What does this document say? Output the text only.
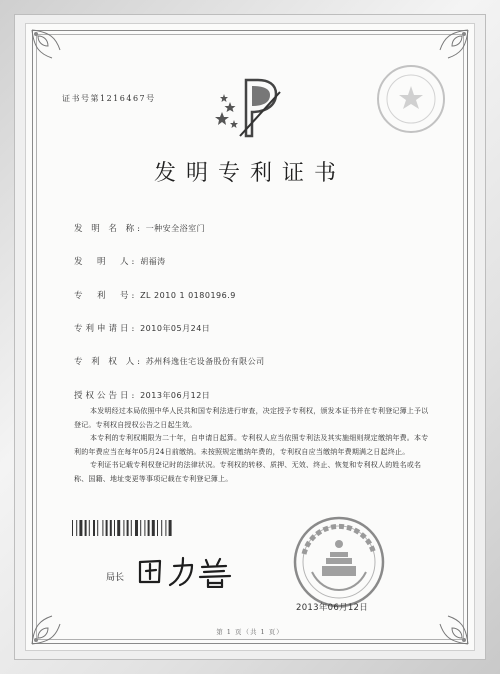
证书号第1216467号
发明专利证书
发 明 名 称: 一种安全浴室门
发　明　人: 胡福涛
专　利　号: ZL 2010 1 0180196.9
专利申请日: 2010年05月24日
专 利 权 人: 苏州科逸住宅设备股份有限公司
授权公告日: 2013年06月12日

本发明经过本局依照中华人民共和国专利法进行审查，决定授予专利权，颁发本证书并在专利登记簿上予以登记。专利权自授权公告之日起生效。

本专利的专利权期限为二十年，自申请日起算。专利权人应当依照专利法及其实施细则规定缴纳年费。本专利的年费应当在每年05月24日前缴纳。未按照规定缴纳年费的，专利权自应当缴纳年费期满之日起终止。

专利证书记载专利权登记时的法律状况。专利权的转移、质押、无效、终止、恢复和专利权人的姓名或名称、国籍、地址变更等事项记载在专利登记簿上。

局长
2013年06月12日
第 1 页（共 1 页）
